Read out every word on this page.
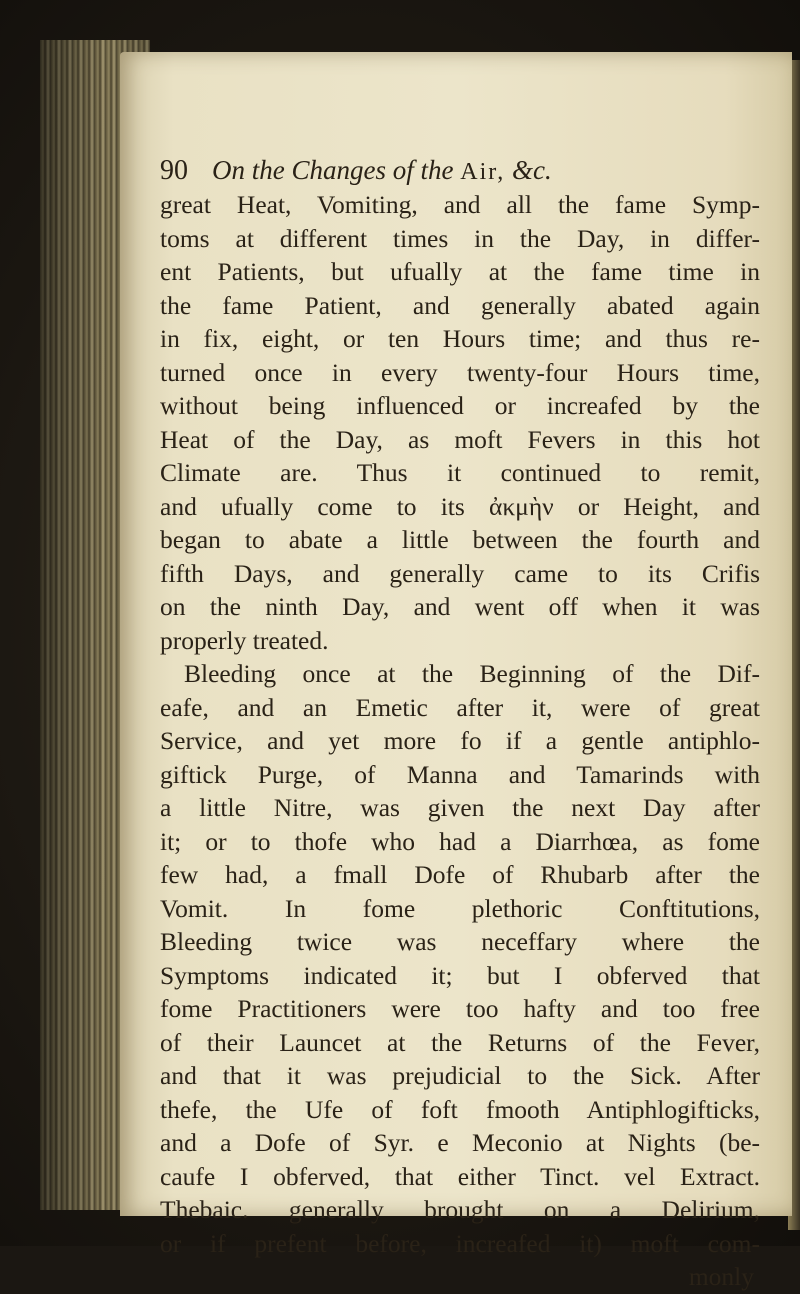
90 On the Changes of the Air, &c.
great Heat, Vomiting, and all the fame Symp-
toms at different times in the Day, in differ-
ent Patients, but ufually at the fame time in
the fame Patient, and generally abated again
in fix, eight, or ten Hours time; and thus re-
turned once in every twenty-four Hours time,
without being influenced or increafed by the
Heat of the Day, as moft Fevers in this hot
Climate are. Thus it continued to remit,
and ufually come to its ἀκμὴν or Height, and
began to abate a little between the fourth and
fifth Days, and generally came to its Crifis
on the ninth Day, and went off when it was
properly treated.
Bleeding once at the Beginning of the Dif-
eafe, and an Emetic after it, were of great
Service, and yet more fo if a gentle antiphlo-
giftick Purge, of Manna and Tamarinds with
a little Nitre, was given the next Day after
it; or to thofe who had a Diarrhœa, as fome
few had, a fmall Dofe of Rhubarb after the
Vomit. In fome plethoric Conftitutions,
Bleeding twice was neceffary where the
Symptoms indicated it; but I obferved that
fome Practitioners were too hafty and too free
of their Launcet at the Returns of the Fever,
and that it was prejudicial to the Sick. After
thefe, the Ufe of foft fmooth Antiphlogifticks,
and a Dofe of Syr. e Meconio at Nights (be-
caufe I obferved, that either Tinct. vel Extract.
Thebaic. generally brought on a Delirium,
or if prefent before, increafed it) moft com-
monly
